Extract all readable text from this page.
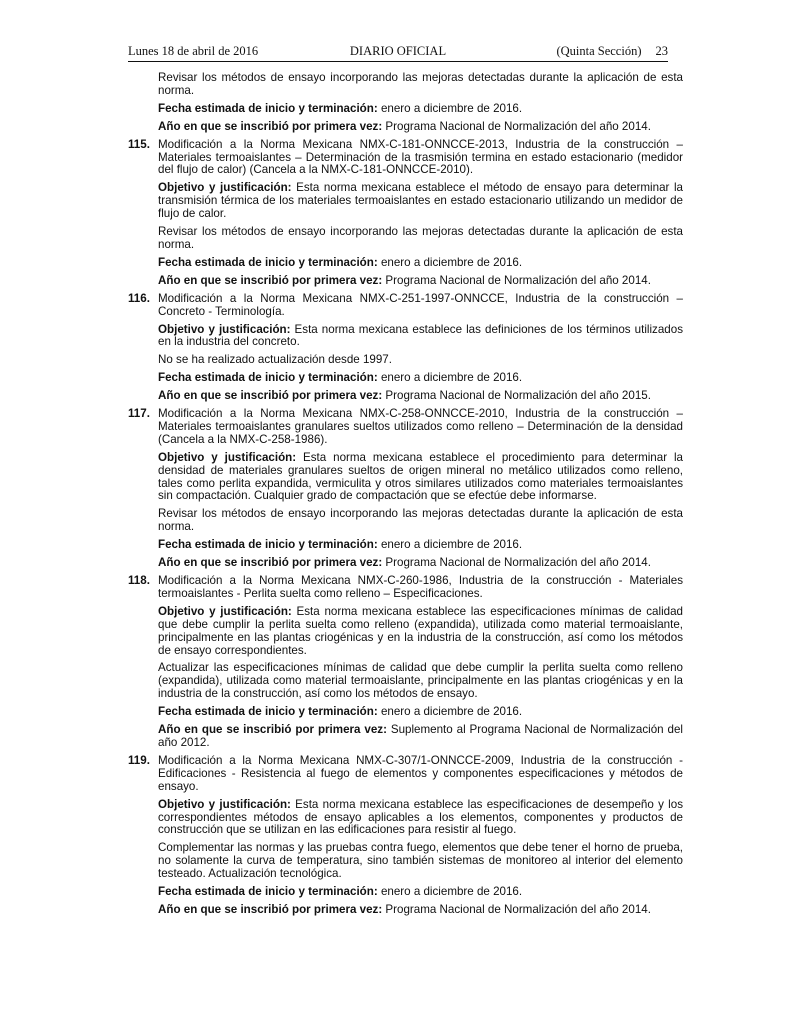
Lunes 18 de abril de 2016	DIARIO OFICIAL	(Quinta Sección) 23

Revisar los métodos de ensayo incorporando las mejoras detectadas durante la aplicación de esta norma.

Fecha estimada de inicio y terminación: enero a diciembre de 2016.

Año en que se inscribió por primera vez: Programa Nacional de Normalización del año 2014.

115. Modificación a la Norma Mexicana NMX-C-181-ONNCCE-2013, Industria de la construcción – Materiales termoaislantes – Determinación de la trasmisión termina en estado estacionario (medidor del flujo de calor) (Cancela a la NMX-C-181-ONNCCE-2010).

Objetivo y justificación: Esta norma mexicana establece el método de ensayo para determinar la transmisión térmica de los materiales termoaislantes en estado estacionario utilizando un medidor de flujo de calor.

Revisar los métodos de ensayo incorporando las mejoras detectadas durante la aplicación de esta norma.

Fecha estimada de inicio y terminación: enero a diciembre de 2016.

Año en que se inscribió por primera vez: Programa Nacional de Normalización del año 2014.

116. Modificación a la Norma Mexicana NMX-C-251-1997-ONNCCE, Industria de la construcción – Concreto - Terminología.

Objetivo y justificación: Esta norma mexicana establece las definiciones de los términos utilizados en la industria del concreto.

No se ha realizado actualización desde 1997.

Fecha estimada de inicio y terminación: enero a diciembre de 2016.

Año en que se inscribió por primera vez: Programa Nacional de Normalización del año 2015.

117. Modificación a la Norma Mexicana NMX-C-258-ONNCCE-2010, Industria de la construcción – Materiales termoaislantes granulares sueltos utilizados como relleno – Determinación de la densidad (Cancela a la NMX-C-258-1986).

Objetivo y justificación: Esta norma mexicana establece el procedimiento para determinar la densidad de materiales granulares sueltos de origen mineral no metálico utilizados como relleno, tales como perlita expandida, vermiculita y otros similares utilizados como materiales termoaislantes sin compactación. Cualquier grado de compactación que se efectúe debe informarse.

Revisar los métodos de ensayo incorporando las mejoras detectadas durante la aplicación de esta norma.

Fecha estimada de inicio y terminación: enero a diciembre de 2016.

Año en que se inscribió por primera vez: Programa Nacional de Normalización del año 2014.

118. Modificación a la Norma Mexicana NMX-C-260-1986, Industria de la construcción - Materiales termoaislantes - Perlita suelta como relleno – Especificaciones.

Objetivo y justificación: Esta norma mexicana establece las especificaciones mínimas de calidad que debe cumplir la perlita suelta como relleno (expandida), utilizada como material termoaislante, principalmente en las plantas criogénicas y en la industria de la construcción, así como los métodos de ensayo correspondientes.

Actualizar las especificaciones mínimas de calidad que debe cumplir la perlita suelta como relleno (expandida), utilizada como material termoaislante, principalmente en las plantas criogénicas y en la industria de la construcción, así como los métodos de ensayo.

Fecha estimada de inicio y terminación: enero a diciembre de 2016.

Año en que se inscribió por primera vez: Suplemento al Programa Nacional de Normalización del año 2012.

119. Modificación a la Norma Mexicana NMX-C-307/1-ONNCCE-2009, Industria de la construcción - Edificaciones - Resistencia al fuego de elementos y componentes especificaciones y métodos de ensayo.

Objetivo y justificación: Esta norma mexicana establece las especificaciones de desempeño y los correspondientes métodos de ensayo aplicables a los elementos, componentes y productos de construcción que se utilizan en las edificaciones para resistir al fuego.

Complementar las normas y las pruebas contra fuego, elementos que debe tener el horno de prueba, no solamente la curva de temperatura, sino también sistemas de monitoreo al interior del elemento testeado. Actualización tecnológica.

Fecha estimada de inicio y terminación: enero a diciembre de 2016.

Año en que se inscribió por primera vez: Programa Nacional de Normalización del año 2014.
